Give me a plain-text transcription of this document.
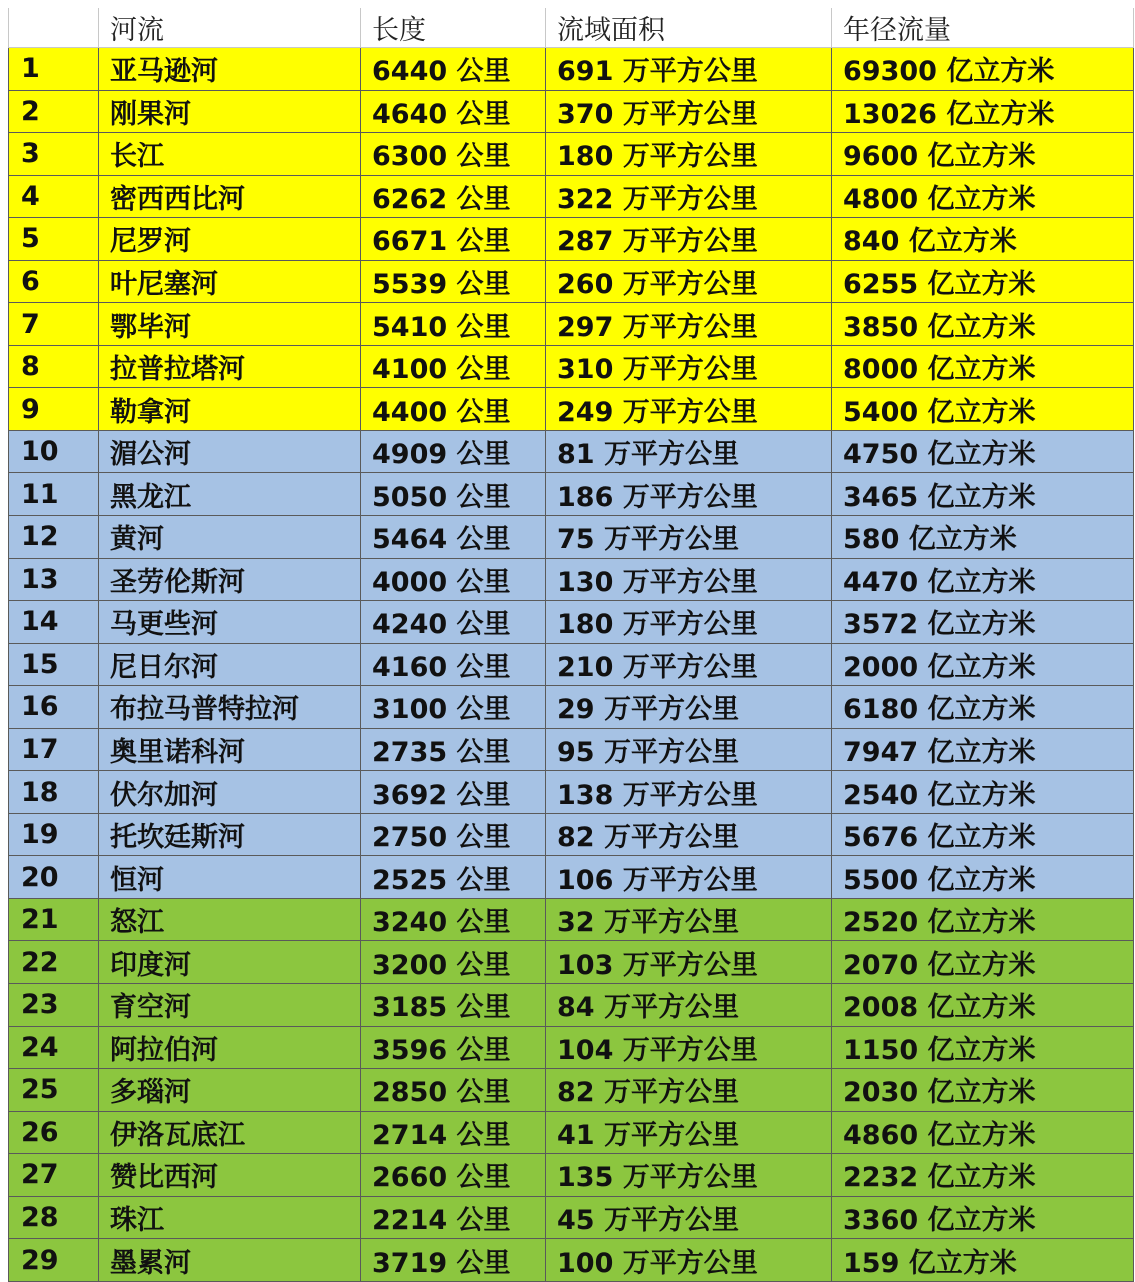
	河流	长度	流域面积	年径流量
1	亚马逊河	6440 公里	691 万平方公里	69300 亿立方米
2	刚果河	4640 公里	370 万平方公里	13026 亿立方米
3	长江	6300 公里	180 万平方公里	9600 亿立方米
4	密西西比河	6262 公里	322 万平方公里	4800 亿立方米
5	尼罗河	6671 公里	287 万平方公里	840 亿立方米
6	叶尼塞河	5539 公里	260 万平方公里	6255 亿立方米
7	鄂毕河	5410 公里	297 万平方公里	3850 亿立方米
8	拉普拉塔河	4100 公里	310 万平方公里	8000 亿立方米
9	勒拿河	4400 公里	249 万平方公里	5400 亿立方米
10	湄公河	4909 公里	81 万平方公里	4750 亿立方米
11	黑龙江	5050 公里	186 万平方公里	3465 亿立方米
12	黄河	5464 公里	75 万平方公里	580 亿立方米
13	圣劳伦斯河	4000 公里	130 万平方公里	4470 亿立方米
14	马更些河	4240 公里	180 万平方公里	3572 亿立方米
15	尼日尔河	4160 公里	210 万平方公里	2000 亿立方米
16	布拉马普特拉河	3100 公里	29 万平方公里	6180 亿立方米
17	奥里诺科河	2735 公里	95 万平方公里	7947 亿立方米
18	伏尔加河	3692 公里	138 万平方公里	2540 亿立方米
19	托坎廷斯河	2750 公里	82 万平方公里	5676 亿立方米
20	恒河	2525 公里	106 万平方公里	5500 亿立方米
21	怒江	3240 公里	32 万平方公里	2520 亿立方米
22	印度河	3200 公里	103 万平方公里	2070 亿立方米
23	育空河	3185 公里	84 万平方公里	2008 亿立方米
24	阿拉伯河	3596 公里	104 万平方公里	1150 亿立方米
25	多瑙河	2850 公里	82 万平方公里	2030 亿立方米
26	伊洛瓦底江	2714 公里	41 万平方公里	4860 亿立方米
27	赞比西河	2660 公里	135 万平方公里	2232 亿立方米
28	珠江	2214 公里	45 万平方公里	3360 亿立方米
29	墨累河	3719 公里	100 万平方公里	159 亿立方米
